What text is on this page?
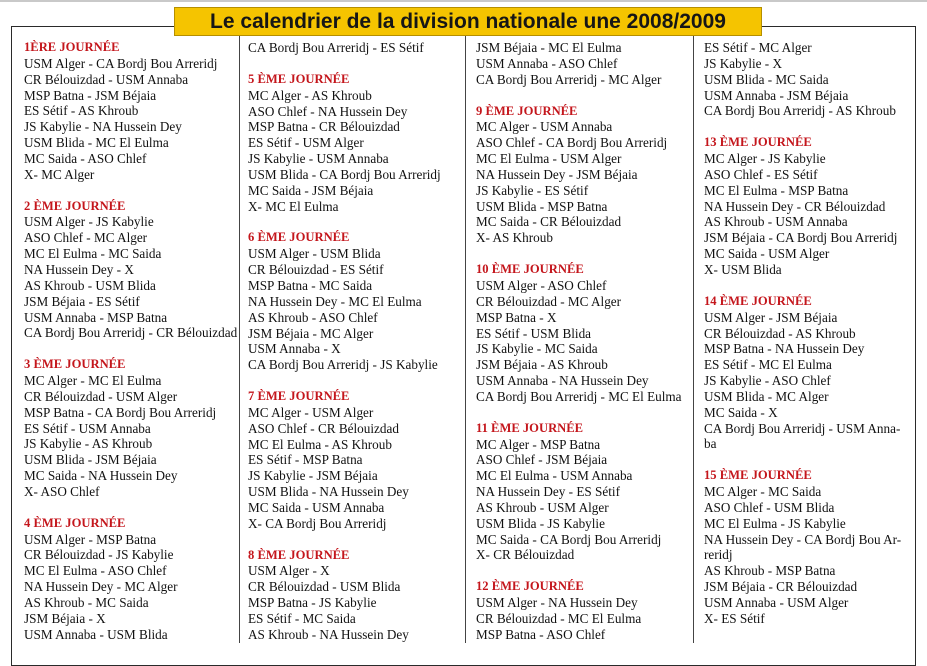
Le calendrier de la division nationale une 2008/2009
1ÈRE JOURNÉE
USM Alger - CA Bordj Bou Arreridj
CR Bélouizdad - USM Annaba
MSP Batna - JSM Béjaia
ES Sétif - AS Khroub
JS Kabylie - NA Hussein Dey
USM Blida - MC El Eulma
MC Saida - ASO Chlef
X- MC Alger
2 ÈME JOURNÉE
USM Alger - JS Kabylie
ASO Chlef - MC Alger
MC El Eulma - MC Saida
NA Hussein Dey - X
AS Khroub - USM Blida
JSM Béjaia - ES Sétif
USM Annaba - MSP Batna
CA Bordj Bou Arreridj - CR Bélouizdad
3 ÈME JOURNÉE
MC Alger - MC El Eulma
CR Bélouizdad - USM Alger
MSP Batna - CA Bordj Bou Arreridj
ES Sétif - USM Annaba
JS Kabylie - AS Khroub
USM Blida - JSM Béjaia
MC Saida - NA Hussein Dey
X- ASO Chlef
4 ÈME JOURNÉE
USM Alger - MSP Batna
CR Bélouizdad - JS Kabylie
MC El Eulma - ASO Chlef
NA Hussein Dey - MC Alger
AS Khroub - MC Saida
JSM Béjaia - X
USM Annaba - USM Blida
CA Bordj Bou Arreridj - ES Sétif
5 ÈME JOURNÉE
MC Alger - AS Khroub
ASO Chlef - NA Hussein Dey
MSP Batna - CR Bélouizdad
ES Sétif - USM Alger
JS Kabylie - USM Annaba
USM Blida - CA Bordj Bou Arreridj
MC Saida - JSM Béjaia
X- MC El Eulma
6 ÈME JOURNÉE
USM Alger - USM Blida
CR Bélouizdad - ES Sétif
MSP Batna - MC Saida
NA Hussein Dey - MC El Eulma
AS Khroub - ASO Chlef
JSM Béjaia - MC Alger
USM Annaba - X
CA Bordj Bou Arreridj - JS Kabylie
7 ÈME JOURNÉE
MC Alger - USM Alger
ASO Chlef - CR Bélouizdad
MC El Eulma - AS Khroub
ES Sétif - MSP Batna
JS Kabylie - JSM Béjaia
USM Blida - NA Hussein Dey
MC Saida - USM Annaba
X- CA Bordj Bou Arreridj
8 ÈME JOURNÉE
USM Alger - X
CR Bélouizdad - USM Blida
MSP Batna - JS Kabylie
ES Sétif - MC Saida
AS Khroub - NA Hussein Dey
JSM Béjaia - MC El Eulma
USM Annaba - ASO Chlef
CA Bordj Bou Arreridj - MC Alger
9 ÈME JOURNÉE
MC Alger - USM Annaba
ASO Chlef - CA Bordj Bou Arreridj
MC El Eulma - USM Alger
NA Hussein Dey - JSM Béjaia
JS Kabylie - ES Sétif
USM Blida - MSP Batna
MC Saida - CR Bélouizdad
X- AS Khroub
10 ÈME JOURNÉE
USM Alger - ASO Chlef
CR Bélouizdad - MC Alger
MSP Batna - X
ES Sétif - USM Blida
JS Kabylie - MC Saida
JSM Béjaia - AS Khroub
USM Annaba - NA Hussein Dey
CA Bordj Bou Arreridj - MC El Eulma
11 ÈME JOURNÉE
MC Alger - MSP Batna
ASO Chlef - JSM Béjaia
MC El Eulma - USM Annaba
NA Hussein Dey - ES Sétif
AS Khroub - USM Alger
USM Blida - JS Kabylie
MC Saida - CA Bordj Bou Arreridj
X- CR Bélouizdad
12 ÈME JOURNÉE
USM Alger - NA Hussein Dey
CR Bélouizdad - MC El Eulma
MSP Batna - ASO Chlef
ES Sétif - MC Alger
JS Kabylie - X
USM Blida - MC Saida
USM Annaba - JSM Béjaia
CA Bordj Bou Arreridj - AS Khroub
13 ÈME JOURNÉE
MC Alger - JS Kabylie
ASO Chlef - ES Sétif
MC El Eulma - MSP Batna
NA Hussein Dey - CR Bélouizdad
AS Khroub - USM Annaba
JSM Béjaia - CA Bordj Bou Arreridj
MC Saida - USM Alger
X- USM Blida
14 ÈME JOURNÉE
USM Alger - JSM Béjaia
CR Bélouizdad - AS Khroub
MSP Batna - NA Hussein Dey
ES Sétif - MC El Eulma
JS Kabylie - ASO Chlef
USM Blida - MC Alger
MC Saida - X
CA Bordj Bou Arreridj - USM Anna-
ba
15 ÈME JOURNÉE
MC Alger - MC Saida
ASO Chlef - USM Blida
MC El Eulma - JS Kabylie
NA Hussein Dey - CA Bordj Bou Ar-
reridj
AS Khroub - MSP Batna
JSM Béjaia - CR Bélouizdad
USM Annaba - USM Alger
X- ES Sétif
